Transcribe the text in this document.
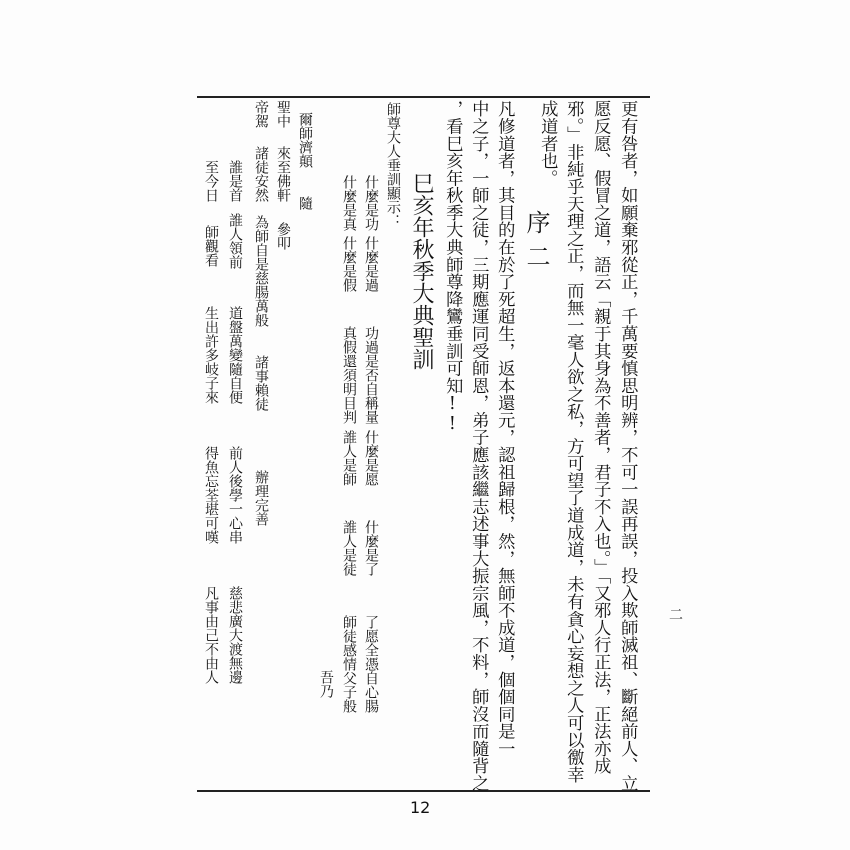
二
更有咎者，如願棄邪從正，千萬要慎思明辨，不可一誤再誤，投入欺師滅祖、斷絕前人、立
愿反愿、假冒之道，語云「親于其身為不善者，君子不入也。」「又邪人行正法，正法亦成
邪。」非純乎天理之正，而無一毫人欲之私，方可望了道成道，未有貪心妄想之人可以徼幸
成道者也。
序二
凡修道者，其目的在於了死超生，返本還元，認祖歸根，然，無師不成道，個個同是一
中之子，一師之徒，三期應運同受師恩，弟子應該繼志述事大振宗風，不料，師沒而隨背之
，看巳亥年秋季大典師尊降鸞垂訓可知!!
巳亥年秋季大典聖訓
師尊大人垂訓顯示：
什麼是功
什麼是過
功過是否自稱量
什麼是愿
什麼是了
了愿全憑自心腸
什麼是真
什麼是假
真假還須明目判
誰人是師
誰人是徒
師徒感情父子般
吾乃
爾師濟顛　　隨
聖中
來至佛軒
參叩
帝駕
諸徒安然
為師自是慈腸萬般
諸事賴徒
辦理完善
誰是首
誰人領前
道盤萬變隨自便
前人後學一心串
慈悲廣大渡無邊
至今日
師觀看
生出許多岐子來
得魚忘荃堪可嘆
凡事由己不由人
12
